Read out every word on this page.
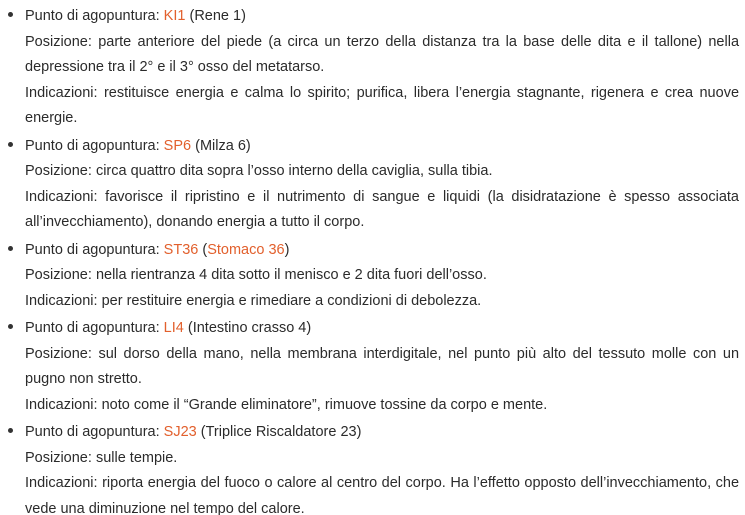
Punto di agopuntura: KI1 (Rene 1)

Posizione: parte anteriore del piede (a circa un terzo della distanza tra la base delle dita e il tallone) nella depressione tra il 2° e il 3° osso del metatarso.

Indicazioni: restituisce energia e calma lo spirito; purifica, libera l’energia stagnante, rigenera e crea nuove energie.

Punto di agopuntura: SP6 (Milza 6)

Posizione: circa quattro dita sopra l’osso interno della caviglia, sulla tibia.

Indicazioni: favorisce il ripristino e il nutrimento di sangue e liquidi (la disidratazione è spesso associata all’invecchiamento), donando energia a tutto il corpo.

Punto di agopuntura: ST36 (Stomaco 36)

Posizione: nella rientranza 4 dita sotto il menisco e 2 dita fuori dell’osso.

Indicazioni: per restituire energia e rimediare a condizioni di debolezza.

Punto di agopuntura: LI4 (Intestino crasso 4)

Posizione: sul dorso della mano, nella membrana interdigitale, nel punto più alto del tessuto molle con un pugno non stretto.

Indicazioni: noto come il “Grande eliminatore”, rimuove tossine da corpo e mente.

Punto di agopuntura: SJ23 (Triplice Riscaldatore 23)

Posizione: sulle tempie.

Indicazioni: riporta energia del fuoco o calore al centro del corpo. Ha l’effetto opposto dell’invecchiamento, che vede una diminuzione nel tempo del calore.
